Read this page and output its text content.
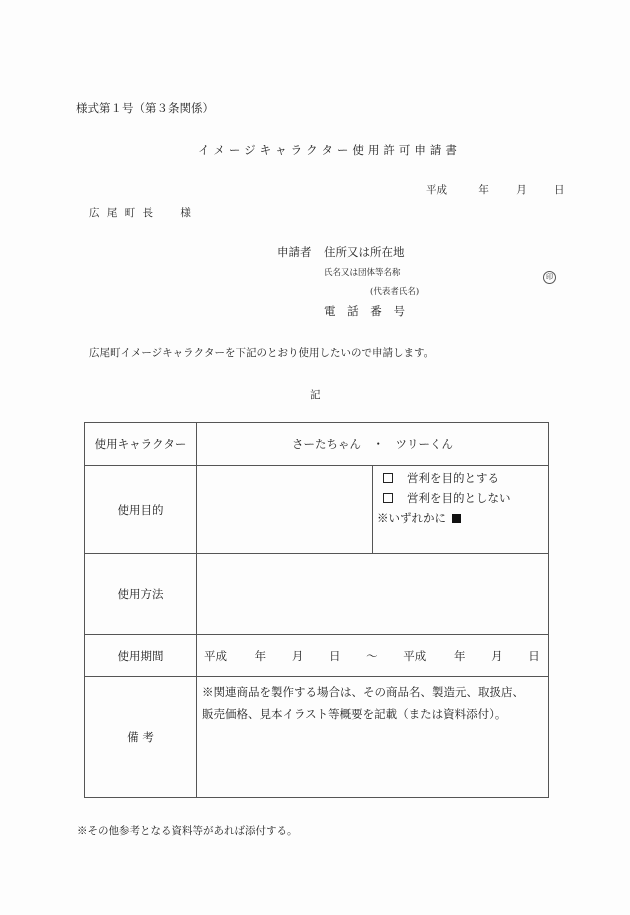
様式第１号（第３条関係）
イメージキャラクター使用許可申請書
平成	年	月	日
広 尾 町 長 様
申請者 住所又は所在地
氏名又は団体等名称	印
(代表者氏名)
電 話 番 号
広尾町イメージキャラクターを下記のとおり使用したいので申請します。
記
使用キャラクター	さーたちゃん　・　ツリーくん	
使用目的		営利を目的とする
営利を目的としない
※いずれかに

使用方法		
使用期間	平成 年 月 日 ～ 平成 年 月 日	
備 考	※関連商品を製作する場合は、その商品名、製造元、取扱店、
販売価格、見本イラスト等概要を記載（または資料添付）。	
※その他参考となる資料等があれば添付する。
